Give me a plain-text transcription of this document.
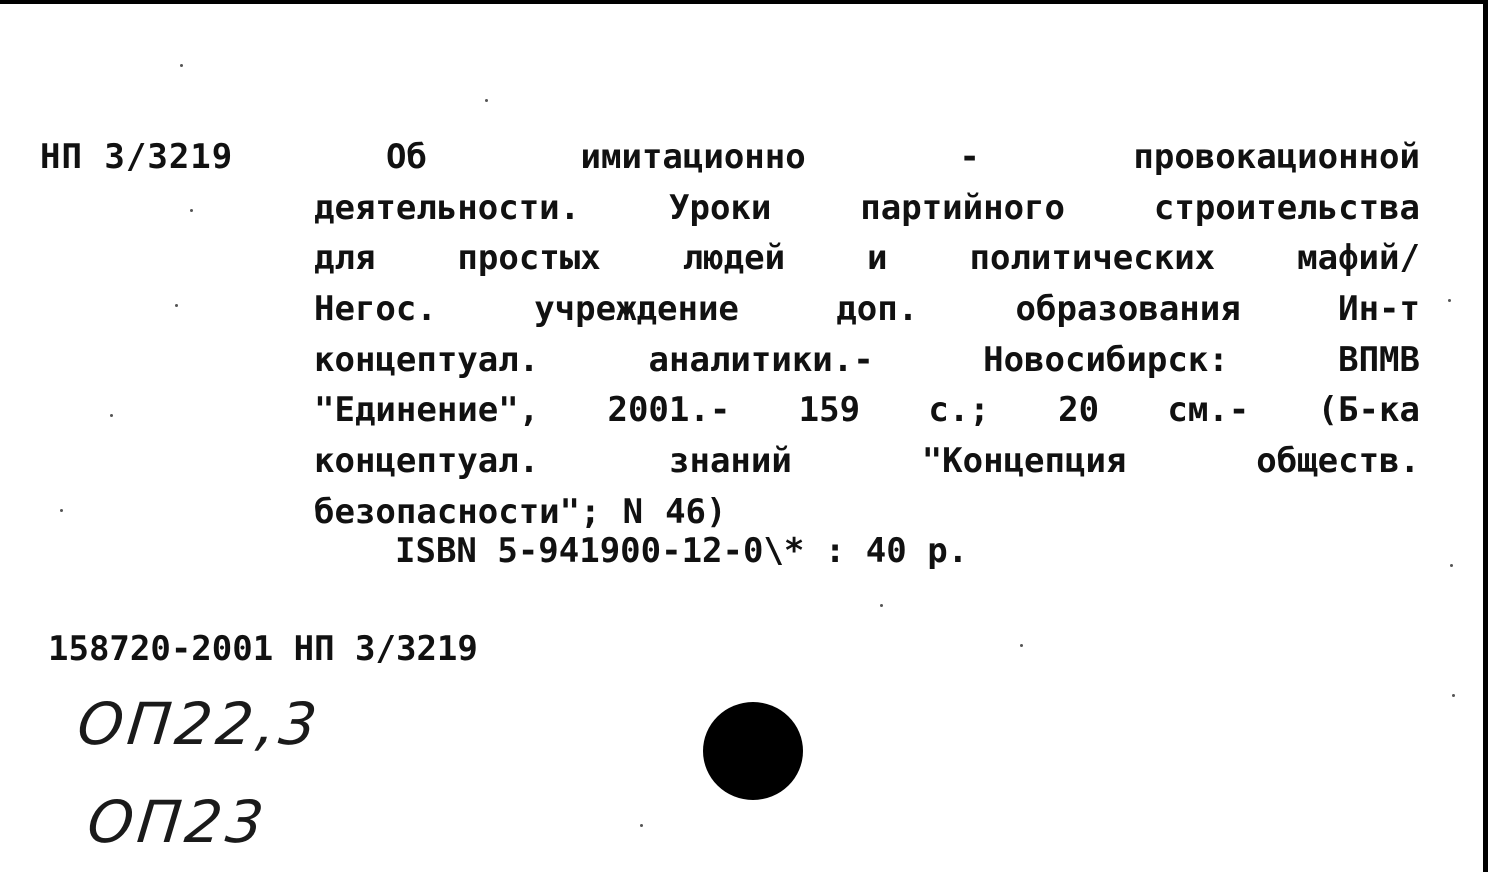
НП 3/3219	Об	имитационно	-	провокационной
деятельности.	Уроки	партийного	строительства
для простых людей и политических мафий/
Негос.	учреждение	доп.	образования	Ин-т
концептуал.	аналитики.-	Новосибирск:	ВПМВ
"Единение", 2001.- 159 с.; 20 см.- (Б-ка
концептуал.	знаний	"Концепция	обществ.
безопасности"; N 46)
ISBN 5-941900-12-0\* : 40 р.
158720-2001 НП 3/3219
ОП22,3
ОП23
